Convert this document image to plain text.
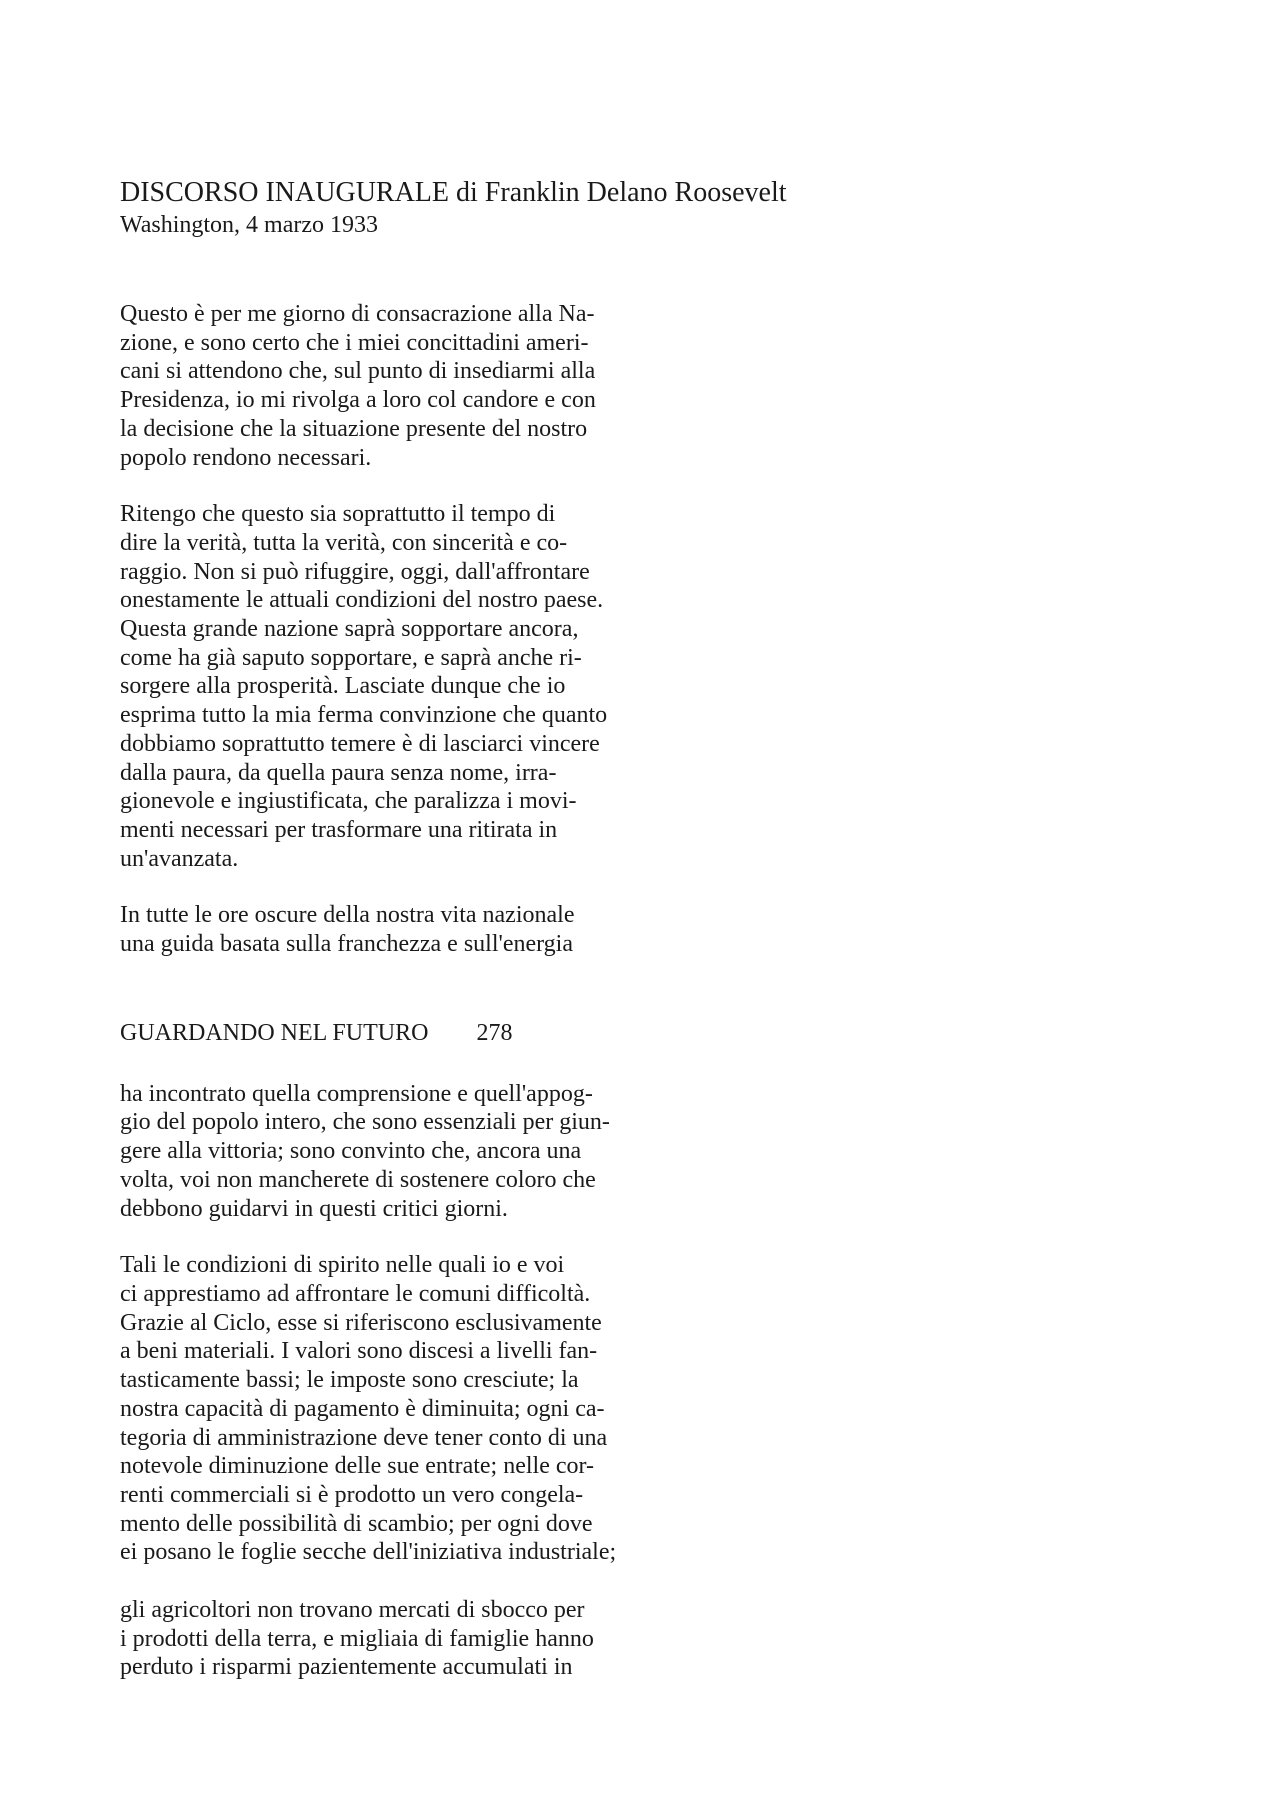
DISCORSO INAUGURALE di Franklin Delano Roosevelt

Washington, 4 marzo 1933

Questo è per me giorno di consacrazione alla Na-
zione, e sono certo che i miei concittadini ameri-
cani si attendono che, sul punto di insediarmi alla
Presidenza, io mi rivolga a loro col candore e con
la decisione che la situazione presente del nostro
popolo rendono necessari.

Ritengo che questo sia soprattutto il tempo di
dire la verità, tutta la verità, con sincerità e co-
raggio. Non si può rifuggire, oggi, dall'affrontare
onestamente le attuali condizioni del nostro paese.
Questa grande nazione saprà sopportare ancora,
come ha già saputo sopportare, e saprà anche ri-
sorgere alla prosperità. Lasciate dunque che io
esprima tutto la mia ferma convinzione che quanto
dobbiamo soprattutto temere è di lasciarci vincere
dalla paura, da quella paura senza nome, irra-
gionevole e ingiustificata, che paralizza i movi-
menti necessari per trasformare una ritirata in
un'avanzata.

In tutte le ore oscure della nostra vita nazionale
una guida basata sulla franchezza e sull'energia

GUARDANDO NEL FUTURO 278

ha incontrato quella comprensione e quell'appog-
gio del popolo intero, che sono essenziali per giun-
gere alla vittoria; sono convinto che, ancora una
volta, voi non mancherete di sostenere coloro che
debbono guidarvi in questi critici giorni.

Tali le condizioni di spirito nelle quali io e voi
ci apprestiamo ad affrontare le comuni difficoltà.
Grazie al Ciclo, esse si riferiscono esclusivamente
a beni materiali. I valori sono discesi a livelli fan-
tasticamente bassi; le imposte sono cresciute; la
nostra capacità di pagamento è diminuita; ogni ca-
tegoria di amministrazione deve tener conto di una
notevole diminuzione delle sue entrate; nelle cor-
renti commerciali si è prodotto un vero congela-
mento delle possibilità di scambio; per ogni dove
ei posano le foglie secche dell'iniziativa industriale;

gli agricoltori non trovano mercati di sbocco per
i prodotti della terra, e migliaia di famiglie hanno
perduto i risparmi pazientemente accumulati in
